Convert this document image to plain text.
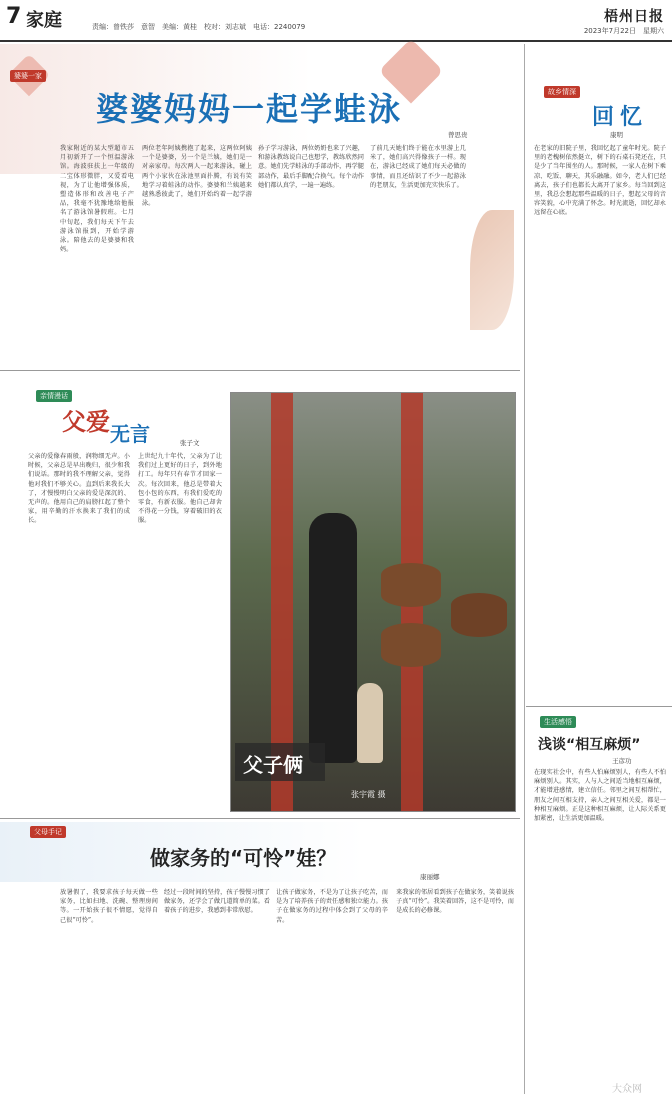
7 家庭	责编：曾铁莎　意智　美编：黄桂　校对：刘志斌　电话：2240079
梧州日报
2023年7月22日　星期六
婆婆一家
婆婆妈妈一起学蛙泳
曾思贵
我家附近的某大型超市五月初新开了一个恒温游泳馆。海波驻扶上一年级的二宝体形微胖，又爱看电视，为了让他增强体质，塑造体形和改善电子产品，我毫不犹豫地给他报名了游泳馆暑假班。七月中旬起，我们每天下午去游泳馆报到，开始学游泳。陪他去的是婆婆和我妈。
两位老年阿姨携抱了起来，这两位阿姨一个是婆婆，另一个是兰姨，她们是一对亲家母。每次两人一起来游泳，碰上两个小家伙在泳池里面扑腾，有说有笑地学习着蛙泳的动作。婆婆和兰姨越来越熟悉彼此了，她们开始约着一起学游泳。
孙子学习游泳，两位奶奶也来了兴趣，和游泳教练说自己也想学，教练欣然同意。她们先学蛙泳的手部动作，再学腿部动作，最后手脚配合换气。每个动作她们都认真学，一遍一遍练。
了前几天她们终于能在水里游上几米了，她们高兴得像孩子一样。现在，游泳已经成了她们每天必做的事情，而且还结识了不少一起游泳的老朋友，生活更加充实快乐了。
亲情漫话
父爱 无言	张子文
父亲的爱像春雨般，润物细无声。小时候，父亲总是早出晚归，很少和我们说话。那时的我不理解父亲，觉得他对我们不够关心。直到后来我长大了，才慢慢明白父亲的爱是深沉的、无声的。他用自己的肩膀扛起了整个家，用辛勤的汗水换来了我们的成长。
上世纪九十年代，父亲为了让我们过上更好的日子，到外地打工。每年只有春节才回家一次。每次回来，他总是带着大包小包的东西，有我们爱吃的零食，有新衣服。他自己却舍不得花一分钱，穿着破旧的衣服。
父子俩
张宇霞 摄
故乡情深
回忆
康明
在老家的旧院子里，我回忆起了童年时光。院子里的老槐树依然挺立，树下的石桌石凳还在，只是少了当年围坐的人。那时候，一家人在树下乘凉、吃饭、聊天，其乐融融。如今，老人们已经离去，孩子们也都长大离开了家乡。每当回到这里，我总会想起那些温暖的日子，想起父母的音容笑貌，心中充满了怀念。时光流逝，回忆却永远留在心底。
生活感悟
浅谈“相互麻烦”
王彦功
在现实社会中，有些人怕麻烦别人，有些人不怕麻烦别人。其实，人与人之间适当地相互麻烦，才能增进感情，建立信任。邻里之间互相帮忙，朋友之间互相支持，亲人之间互相关爱，都是一种相互麻烦。正是这种相互麻烦，让人际关系更加紧密，让生活更加温暖。
父母手记
做家务的“可怜”娃？
康丽娜
放暑假了，我要求孩子每天做一些家务，比如扫地、洗碗、整理房间等。一开始孩子很不情愿，觉得自己很“可怜”。
经过一段时间的坚持，孩子慢慢习惯了做家务，还学会了做几道简单的菜。看着孩子的进步，我感到非常欣慰。
让孩子做家务，不是为了让孩子吃苦，而是为了培养孩子的责任感和独立能力。孩子在做家务的过程中体会到了父母的辛苦。
来我家的邻居看到孩子在做家务，笑着说孩子真“可怜”。我笑着回答，这不是可怜，而是成长的必修课。
大众网
